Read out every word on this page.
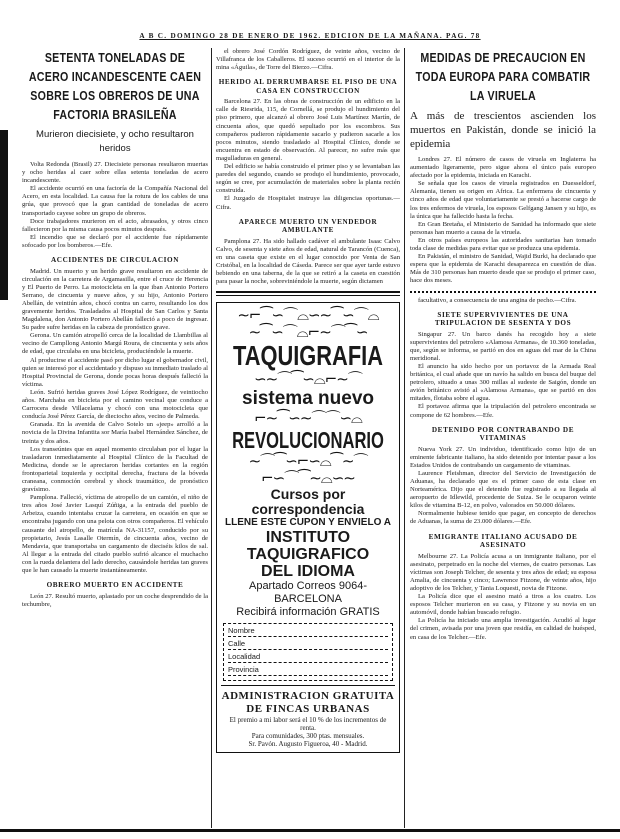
A B C. DOMINGO 28 DE ENERO DE 1962. EDICION DE LA MAÑANA. PAG. 78
SETENTA TONELADAS DE ACERO INCANDESCENTE CAEN SOBRE LOS OBREROS DE UNA FACTORIA BRASILEÑA
Murieron diecisiete, y ocho resultaron heridos

Volta Redonda (Brasil) 27. Diecisiete personas resultaron muertas y ocho heridas al caer sobre ellas setenta toneladas de acero incandescente.

El accidente ocurrió en una factoría de la Compañía Nacional del Acero, en esta localidad. La causa fue la rotura de los cables de una grúa, que provocó que la gran cantidad de toneladas de acero transportado cayese sobre un grupo de obreros.

Doce trabajadores murieron en el acto, abrasados, y otros cinco fallecieron por la misma causa pocos minutos después.

El incendio que se declaró por el accidente fue rápidamente sofocado por los bomberos.—Efe.

ACCIDENTES DE CIRCULACION

Madrid. Un muerto y un herido grave resultaron en accidente de circulación en la carretera de Argamasilla, entre el cruce de Herencia y El Puerto de Perro. La motocicleta en la que iban Antonio Portero Serrano, de cincuenta y nueve años, y su hijo, Antonio Portero Abellán, de veintiún años, chocó contra un carro, resultando los dos gravemente heridos. Trasladados al Hospital de San Carlos y Santa Magdalena, don Antonio Portero Abellán falleció a poco de ingresar. Su padre sufre heridas en la cabeza de pronóstico grave.

Gerona. Un camión atropelló cerca de la localidad de Llambillas al vecino de Campllong Antonio Margú Roura, de cincuenta y seis años de edad, que circulaba en una bicicleta, produciéndole la muerte.

Al producirse el accidente pasó por dicho lugar el gobernador civil, quien se interesó por el accidentado y dispuso su inmediato traslado al Hospital Provincial de Gerona, donde pocas horas después falleció la víctima.

León. Sufrió heridas graves José López Rodríguez, de veintiocho años. Marchaba en bicicleta por el camino vecinal que conduce a Carrocera desde Villacelama y chocó con una motocicleta que conducía José Pérez García, de dieciocho años, vecino de Palmeda.

Granada. En la avenida de Calvo Sotelo un «jeep» arrolló a la novicia de la Divina Infantita sor María Isabel Hernández Sánchez, de treinta y dos años.

Los transeúntes que en aquel momento circulaban por el lugar la trasladaron inmediatamente al Hospital Clínico de la Facultad de Medicina, donde se le apreciaron heridas cortantes en la región frontoparietal izquierda y occipital derecha, fractura de la bóveda craneana, conmoción cerebral y shock traumático, de pronóstico gravísimo.

Pamplona. Falleció, víctima de atropello de un camión, el niño de tres años José Javier Lasquí Zúñiga, a la entrada del pueblo de Arbeiza, cuando intentaba cruzar la carretera, en ocasión en que se encontraba jugando con una pelota con otros compañeros. El vehículo causante del atropello, de matrícula NA-31157, conducido por su propietario, Jesús Lasalle Otermín, de cincuenta años, vecino de Mendavia, que transportaba un cargamento de dieciséis kilos de sal. Al llegar a la entrada del citado pueblo sufrió alcance el muchacho con la rueda delantera del lado derecho, causándole heridas tan graves que le han causado la muerte instantáneamente.

OBRERO MUERTO EN ACCIDENTE

León 27. Resultó muerto, aplastado por un coche desprendido de la techumbre,

el obrero José Cordón Rodríguez, de veinte años, vecino de Villafranca de los Caballeros. El suceso ocurrió en el interior de la mina «Águila», de Torre del Bierzo.—Cifra.

HERIDO AL DERRUMBARSE EL PISO DE UNA CASA EN CONSTRUCCION

Barcelona 27. En las obras de construcción de un edificio en la calle de Riesrida, 115, de Cornellá, se produjo el hundimiento del piso primero, que alcanzó al obrero José Luis Martínez Martín, de cincuenta años, que quedó sepultado por los escombros. Sus compañeros pudieron rápidamente sacarlo y pudieron sacarle a los pocos minutos, siendo trasladado al Hospital Clínico, donde se encuentra en estado de observación. Al parecer, no sufre más que magulladuras en general.

Del edificio se había construido el primer piso y se levantaban las paredes del segundo, cuando se produjo el hundimiento, provocado, según se cree, por acumulación de materiales sobre la planta recién construida.

El Juzgado de Hospitalet instruye las diligencias oportunas.—Cifra.

APARECE MUERTO UN VENDEDOR AMBULANTE

Pamplona 27. Ha sido hallado cadáver el ambulante Isaac Calvo Calvo, de sesenta y siete años de edad, natural de Tarancón (Cuenca), en una caseta que existe en el lugar conocido por Venta de San Cristóbal, en la localidad de Cáseda. Parece ser que ayer tarde estuvo bebiendo en una taberna, de la que se retiró a la caseta en cuestión para pasar la noche, sobreviniéndole la muerte, según dictamen

∼⌐⁀∽⌒⌓∽∼⁀∽⌒⌓
∼⁀∽⌒⌓⌐∼⌒⁀∽
TAQUIGRAFIA
∽∼⌒⁀∽⌓⌐∼⌒
sistema nuevo
⌐∼⁀∽∼⌒⌒∽⌓
REVOLUCIONARIO
∼⌒⁀∽⌐∽⌓⁀∼⌒
⌐∽⌒⁀∼⌓∽∼
Cursos por correspondencia
LLENE ESTE CUPON Y ENVIELO A
INSTITUTO TAQUIGRAFICO
DEL IDIOMA
Apartado Correos 9064-BARCELONA
Recibirá información GRATIS
Nombre
Calle
Localidad
Provincia
ADMINISTRACION GRATUITA
DE FINCAS URBANAS
El premio a mi labor será el 10 % de los incrementos de renta.
Para comunidades, 300 ptas. mensuales.
Sr. Pavón. Augusto Figueroa, 40 - Madrid.
MEDIDAS DE PRECAUCION EN TODA EUROPA PARA COMBATIR LA VIRUELA
A más de trescientos ascienden los muertos en Pakistán, donde se inició la epidemia

Londres 27. El número de casos de viruela en Inglaterra ha aumentado ligeramente, pero sigue ahora el único país europeo afectado por la epidemia, iniciada en Karachi.

Se señala que los casos de viruela registrados en Duesseldorf, Alemania, tienen su origen en Africa. La enfermera de cincuenta y cinco años de edad que voluntariamente se prestó a hacerse cargo de los tres enfermos de viruela, los esposos Gelfgang Jansen y su hijo, es la única que ha fallecido hasta la fecha.

En Gran Bretaña, el Ministerio de Sanidad ha informado que siete personas han muerto a causa de la viruela.

En otros países europeos las autoridades sanitarias han tomado toda clase de medidas para evitar que se produzca una epidemia.

En Pakistán, el ministro de Sanidad, Wajid Burki, ha declarado que espera que la epidemia de Karachi desaparezca en cuestión de días. Más de 310 personas han muerto desde que se produjo el primer caso, hace dos meses.

facultativo, a consecuencia de una angina de pecho.—Cifra.

SIETE SUPERVIVIENTES DE UNA TRIPULACION DE SESENTA Y DOS

Singapur 27. Un barco danés ha recogido hoy a siete supervivientes del petrolero «Alamosa Armana», de 10.360 toneladas, que, según se informa, se partió en dos en aguas del mar de la China meridional.

El anuncio ha sido hecho por un portavoz de la Armada Real británica, el cual añade que un navío ha salido en busca del buque del petrolero, situado a unas 300 millas al sudeste de Saigón, donde un avión británico avistó al «Alamosa Armana», que se partió en dos mitades, flotaba sobre el agua.

El portavoz afirma que la tripulación del petrolero encontrada se compone de 62 hombres.—Efe.

DETENIDO POR CONTRABANDO DE VITAMINAS

Nueva York 27. Un individuo, identificado como hijo de un eminente fabricante italiano, ha sido detenido por intentar pasar a los Estados Unidos de contrabando un cargamento de vitaminas.

Laurence Fleishman, director del Servicio de Investigación de Aduanas, ha declarado que es el primer caso de esta clase en Norteamérica. Dijo que el detenido fue registrado a su llegada al aeropuerto de Idlewild, procedente de Suiza. Se le ocuparon veinte kilos de vitamina B-12, en polvo, valorados en 50.000 dólares.

Normalmente hubiese tenido que pagar, en concepto de derechos de Aduanas, la suma de 23.000 dólares.—Efe.

EMIGRANTE ITALIANO ACUSADO DE ASESINATO

Melbourne 27. La Policía acusa a un inmigrante italiano, por el asesinato, perpetrado en la noche del viernes, de cuatro personas. Las víctimas son Joseph Telcher, de sesenta y tres años de edad; su esposa Amalia, de cincuenta y cinco; Lawrence Fitzone, de veinte años, hijo adoptivo de los Telcher, y Tania Loquesti, novia de Fitzone.

La Policía dice que el asesino mató a tiros a los cuatro. Los esposos Telcher murieron en su casa, y Fitzone y su novia en un automóvil, donde habían buscado refugio.

La Policía ha iniciado una amplia investigación. Acudió al lugar del crimen, avisada por una joven que residía, en calidad de huésped, en casa de los Telcher.—Efe.
